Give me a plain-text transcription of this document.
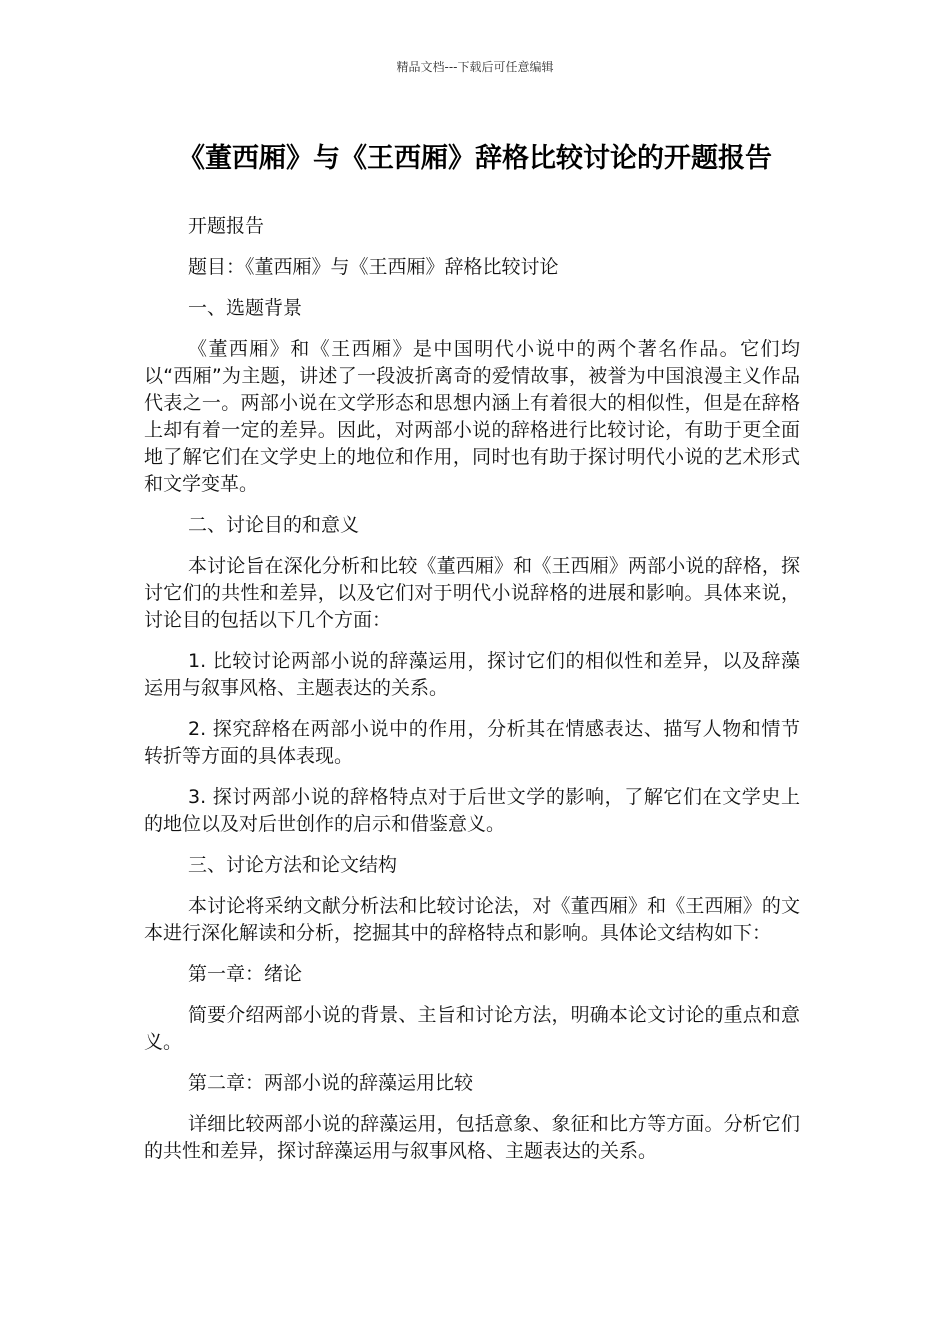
精品文档---下载后可任意编辑
《董西厢》与《王西厢》辞格比较讨论的开题报告

开题报告

题目：《董西厢》与《王西厢》辞格比较讨论

一、选题背景

《董西厢》和《王西厢》是中国明代小说中的两个著名作品。它们均以“西厢”为主题，讲述了一段波折离奇的爱情故事，被誉为中国浪漫主义作品代表之一。两部小说在文学形态和思想内涵上有着很大的相似性，但是在辞格上却有着一定的差异。因此，对两部小说的辞格进行比较讨论，有助于更全面地了解它们在文学史上的地位和作用，同时也有助于探讨明代小说的艺术形式和文学变革。

二、讨论目的和意义

本讨论旨在深化分析和比较《董西厢》和《王西厢》两部小说的辞格，探讨它们的共性和差异，以及它们对于明代小说辞格的进展和影响。具体来说，讨论目的包括以下几个方面：

1. 比较讨论两部小说的辞藻运用，探讨它们的相似性和差异，以及辞藻运用与叙事风格、主题表达的关系。

2. 探究辞格在两部小说中的作用，分析其在情感表达、描写人物和情节转折等方面的具体表现。

3. 探讨两部小说的辞格特点对于后世文学的影响，了解它们在文学史上的地位以及对后世创作的启示和借鉴意义。

三、讨论方法和论文结构

本讨论将采纳文献分析法和比较讨论法，对《董西厢》和《王西厢》的文本进行深化解读和分析，挖掘其中的辞格特点和影响。具体论文结构如下：

第一章：绪论

简要介绍两部小说的背景、主旨和讨论方法，明确本论文讨论的重点和意义。

第二章：两部小说的辞藻运用比较

详细比较两部小说的辞藻运用，包括意象、象征和比方等方面。分析它们的共性和差异，探讨辞藻运用与叙事风格、主题表达的关系。
